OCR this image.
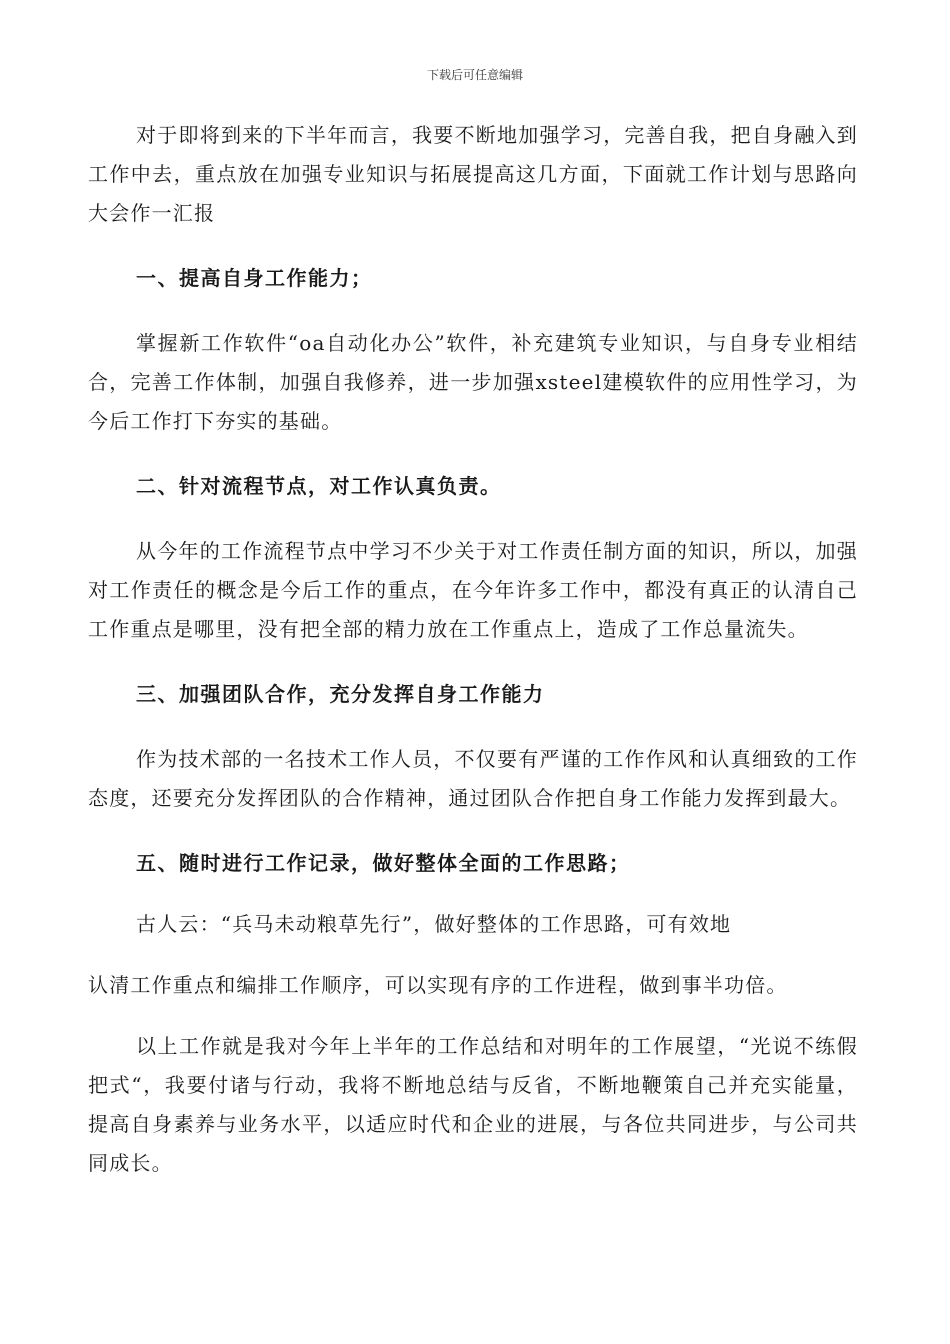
下载后可任意编辑

对于即将到来的下半年而言，我要不断地加强学习，完善自我，把自身融入到工作中去，重点放在加强专业知识与拓展提高这几方面，下面就工作计划与思路向大会作一汇报

一、提高自身工作能力；

掌握新工作软件“oa自动化办公”软件，补充建筑专业知识，与自身专业相结合，完善工作体制，加强自我修养，进一步加强xsteel建模软件的应用性学习，为今后工作打下夯实的基础。

二、针对流程节点，对工作认真负责。

从今年的工作流程节点中学习不少关于对工作责任制方面的知识，所以，加强对工作责任的概念是今后工作的重点，在今年许多工作中，都没有真正的认清自己工作重点是哪里，没有把全部的精力放在工作重点上，造成了工作总量流失。

三、加强团队合作，充分发挥自身工作能力

作为技术部的一名技术工作人员，不仅要有严谨的工作作风和认真细致的工作态度，还要充分发挥团队的合作精神，通过团队合作把自身工作能力发挥到最大。

五、随时进行工作记录，做好整体全面的工作思路；

古人云：“兵马未动粮草先行”，做好整体的工作思路，可有效地

认清工作重点和编排工作顺序，可以实现有序的工作进程，做到事半功倍。

以上工作就是我对今年上半年的工作总结和对明年的工作展望，“光说不练假把式“，我要付诸与行动，我将不断地总结与反省，不断地鞭策自己并充实能量，提高自身素养与业务水平，以适应时代和企业的进展，与各位共同进步，与公司共同成长。
